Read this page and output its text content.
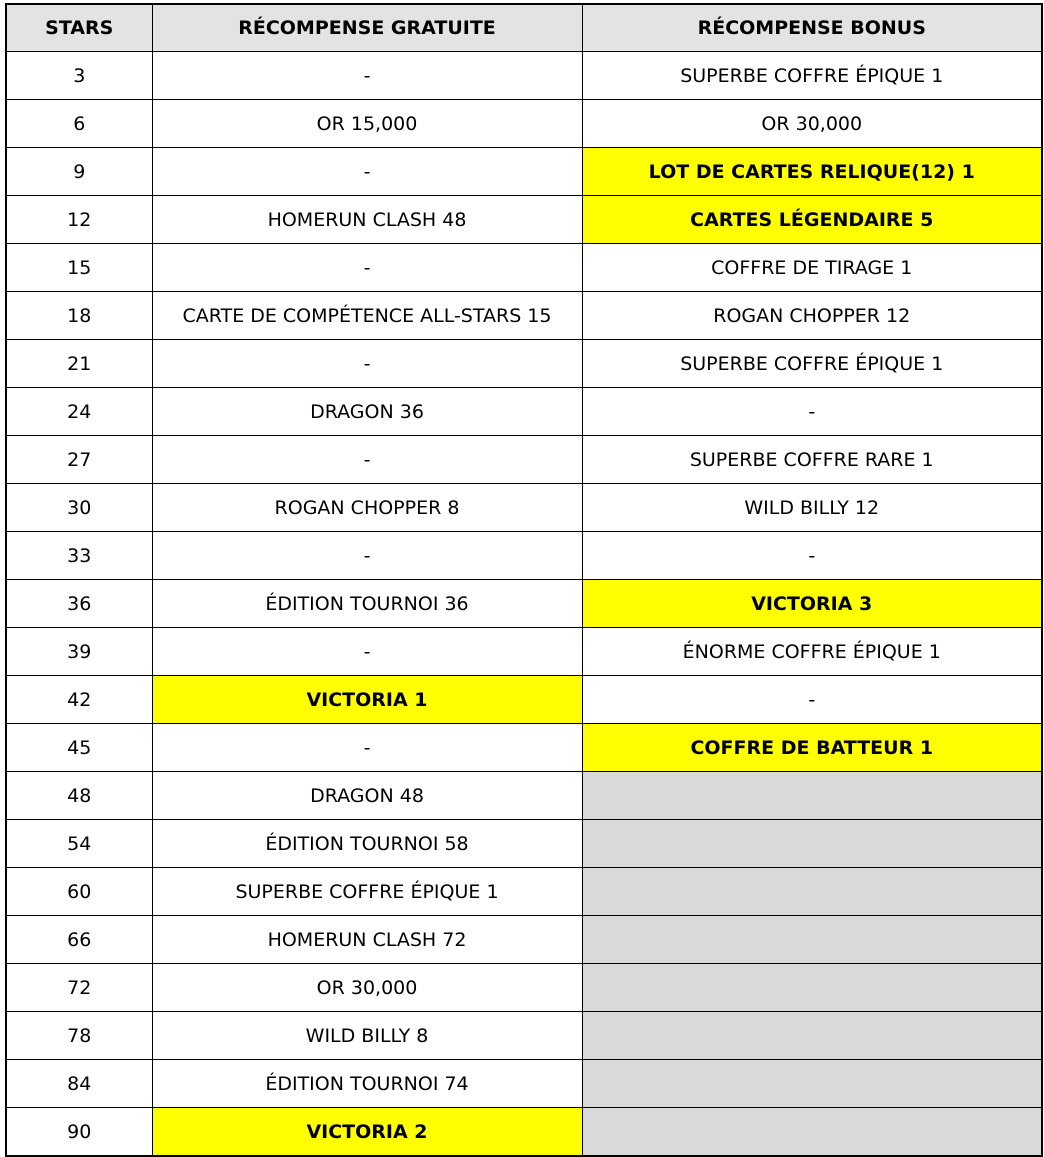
STARS	RÉCOMPENSE GRATUITE	RÉCOMPENSE BONUS
3	-	SUPERBE COFFRE ÉPIQUE 1
6	OR 15,000	OR 30,000
9	-	LOT DE CARTES RELIQUE(12) 1
12	HOMERUN CLASH 48	CARTES LÉGENDAIRE 5
15	-	COFFRE DE TIRAGE 1
18	CARTE DE COMPÉTENCE ALL-STARS 15	ROGAN CHOPPER 12
21	-	SUPERBE COFFRE ÉPIQUE 1
24	DRAGON 36	-
27	-	SUPERBE COFFRE RARE 1
30	ROGAN CHOPPER 8	WILD BILLY 12
33	-	-
36	ÉDITION TOURNOI 36	VICTORIA 3
39	-	ÉNORME COFFRE ÉPIQUE 1
42	VICTORIA 1	-
45	-	COFFRE DE BATTEUR 1
48	DRAGON 48	
54	ÉDITION TOURNOI 58	
60	SUPERBE COFFRE ÉPIQUE 1	
66	HOMERUN CLASH 72	
72	OR 30,000	
78	WILD BILLY 8	
84	ÉDITION TOURNOI 74	
90	VICTORIA 2	
